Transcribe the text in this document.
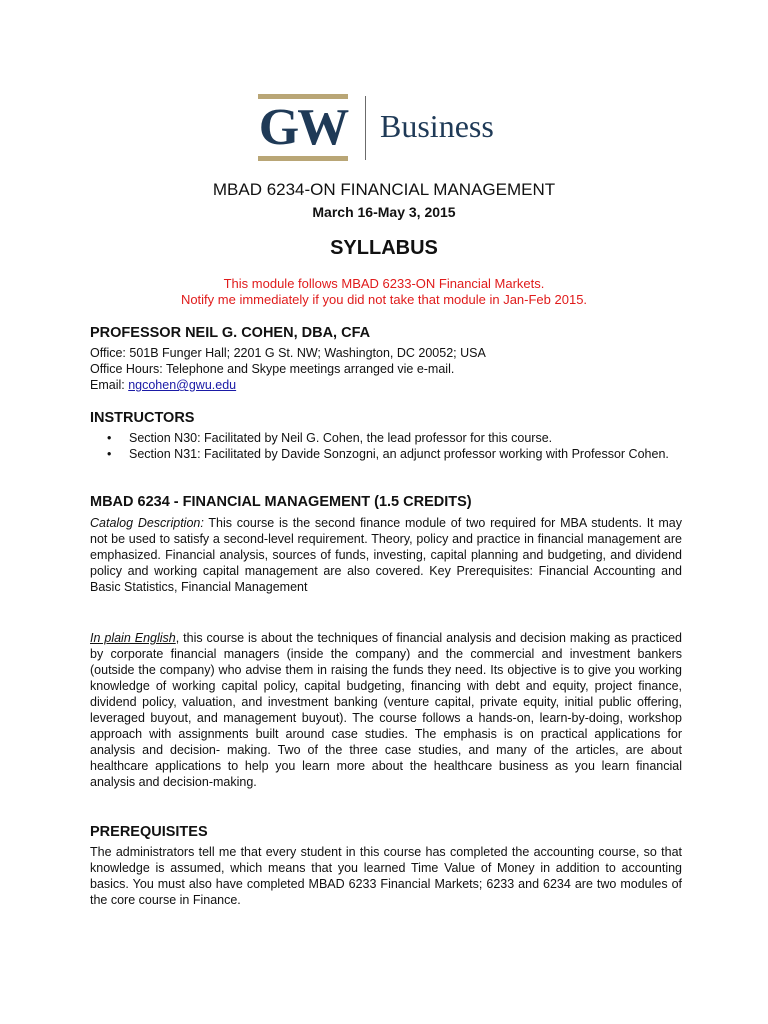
GW Business
MBAD 6234-ON FINANCIAL MANAGEMENT
March 16-May 3, 2015
SYLLABUS
This module follows MBAD 6233-ON Financial Markets.
Notify me immediately if you did not take that module in Jan-Feb 2015.
PROFESSOR NEIL G. COHEN, DBA, CFA

Office: 501B Funger Hall; 2201 G St. NW; Washington, DC 20052; USA

Office Hours: Telephone and Skype meetings arranged vie e-mail.

Email: ngcohen@gwu.edu

INSTRUCTORS
• Section N30: Facilitated by Neil G. Cohen, the lead professor for this course.
• Section N31: Facilitated by Davide Sonzogni, an adjunct professor working with Professor Cohen.
MBAD 6234 - FINANCIAL MANAGEMENT (1.5 CREDITS)
Catalog Description: This course is the second finance module of two required for MBA students. It may not be used to satisfy a second-level requirement. Theory, policy and practice in financial management are emphasized. Financial analysis, sources of funds, investing, capital planning and budgeting, and dividend policy and working capital management are also covered. Key Prerequisites: Financial Accounting and Basic Statistics, Financial Management
In plain English, this course is about the techniques of financial analysis and decision making as practiced by corporate financial managers (inside the company) and the commercial and investment bankers (outside the company) who advise them in raising the funds they need. Its objective is to give you working knowledge of working capital policy, capital budgeting, financing with debt and equity, project finance, dividend policy, valuation, and investment banking (venture capital, private equity, initial public offering, leveraged buyout, and management buyout). The course follows a hands-on, learn-by-doing, workshop approach with assignments built around case studies. The emphasis is on practical applications for analysis and decision- making. Two of the three case studies, and many of the articles, are about healthcare applications to help you learn more about the healthcare business as you learn financial analysis and decision-making.
PREREQUISITES
The administrators tell me that every student in this course has completed the accounting course, so that knowledge is assumed, which means that you learned Time Value of Money in addition to accounting basics. You must also have completed MBAD 6233 Financial Markets; 6233 and 6234 are two modules of the core course in Finance.
